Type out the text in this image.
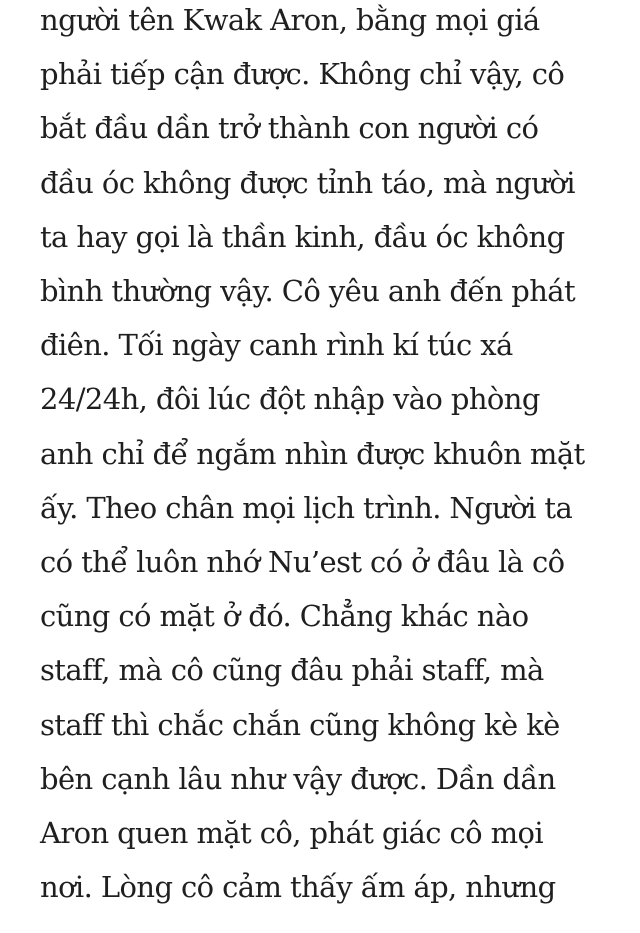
người tên Kwak Aron, bằng mọi giá
phải tiếp cận được. Không chỉ vậy, cô
bắt đầu dần trở thành con người có
đầu óc không được tỉnh táo, mà người
ta hay gọi là thần kinh, đầu óc không
bình thường vậy. Cô yêu anh đến phát
điên. Tối ngày canh rình kí túc xá
24/24h, đôi lúc đột nhập vào phòng
anh chỉ để ngắm nhìn được khuôn mặt
ấy. Theo chân mọi lịch trình. Người ta
có thể luôn nhớ Nu’est có ở đâu là cô
cũng có mặt ở đó. Chẳng khác nào
staff, mà cô cũng đâu phải staff, mà
staff thì chắc chắn cũng không kè kè
bên cạnh lâu như vậy được. Dần dần
Aron quen mặt cô, phát giác cô mọi
nơi. Lòng cô cảm thấy ấm áp, nhưng
